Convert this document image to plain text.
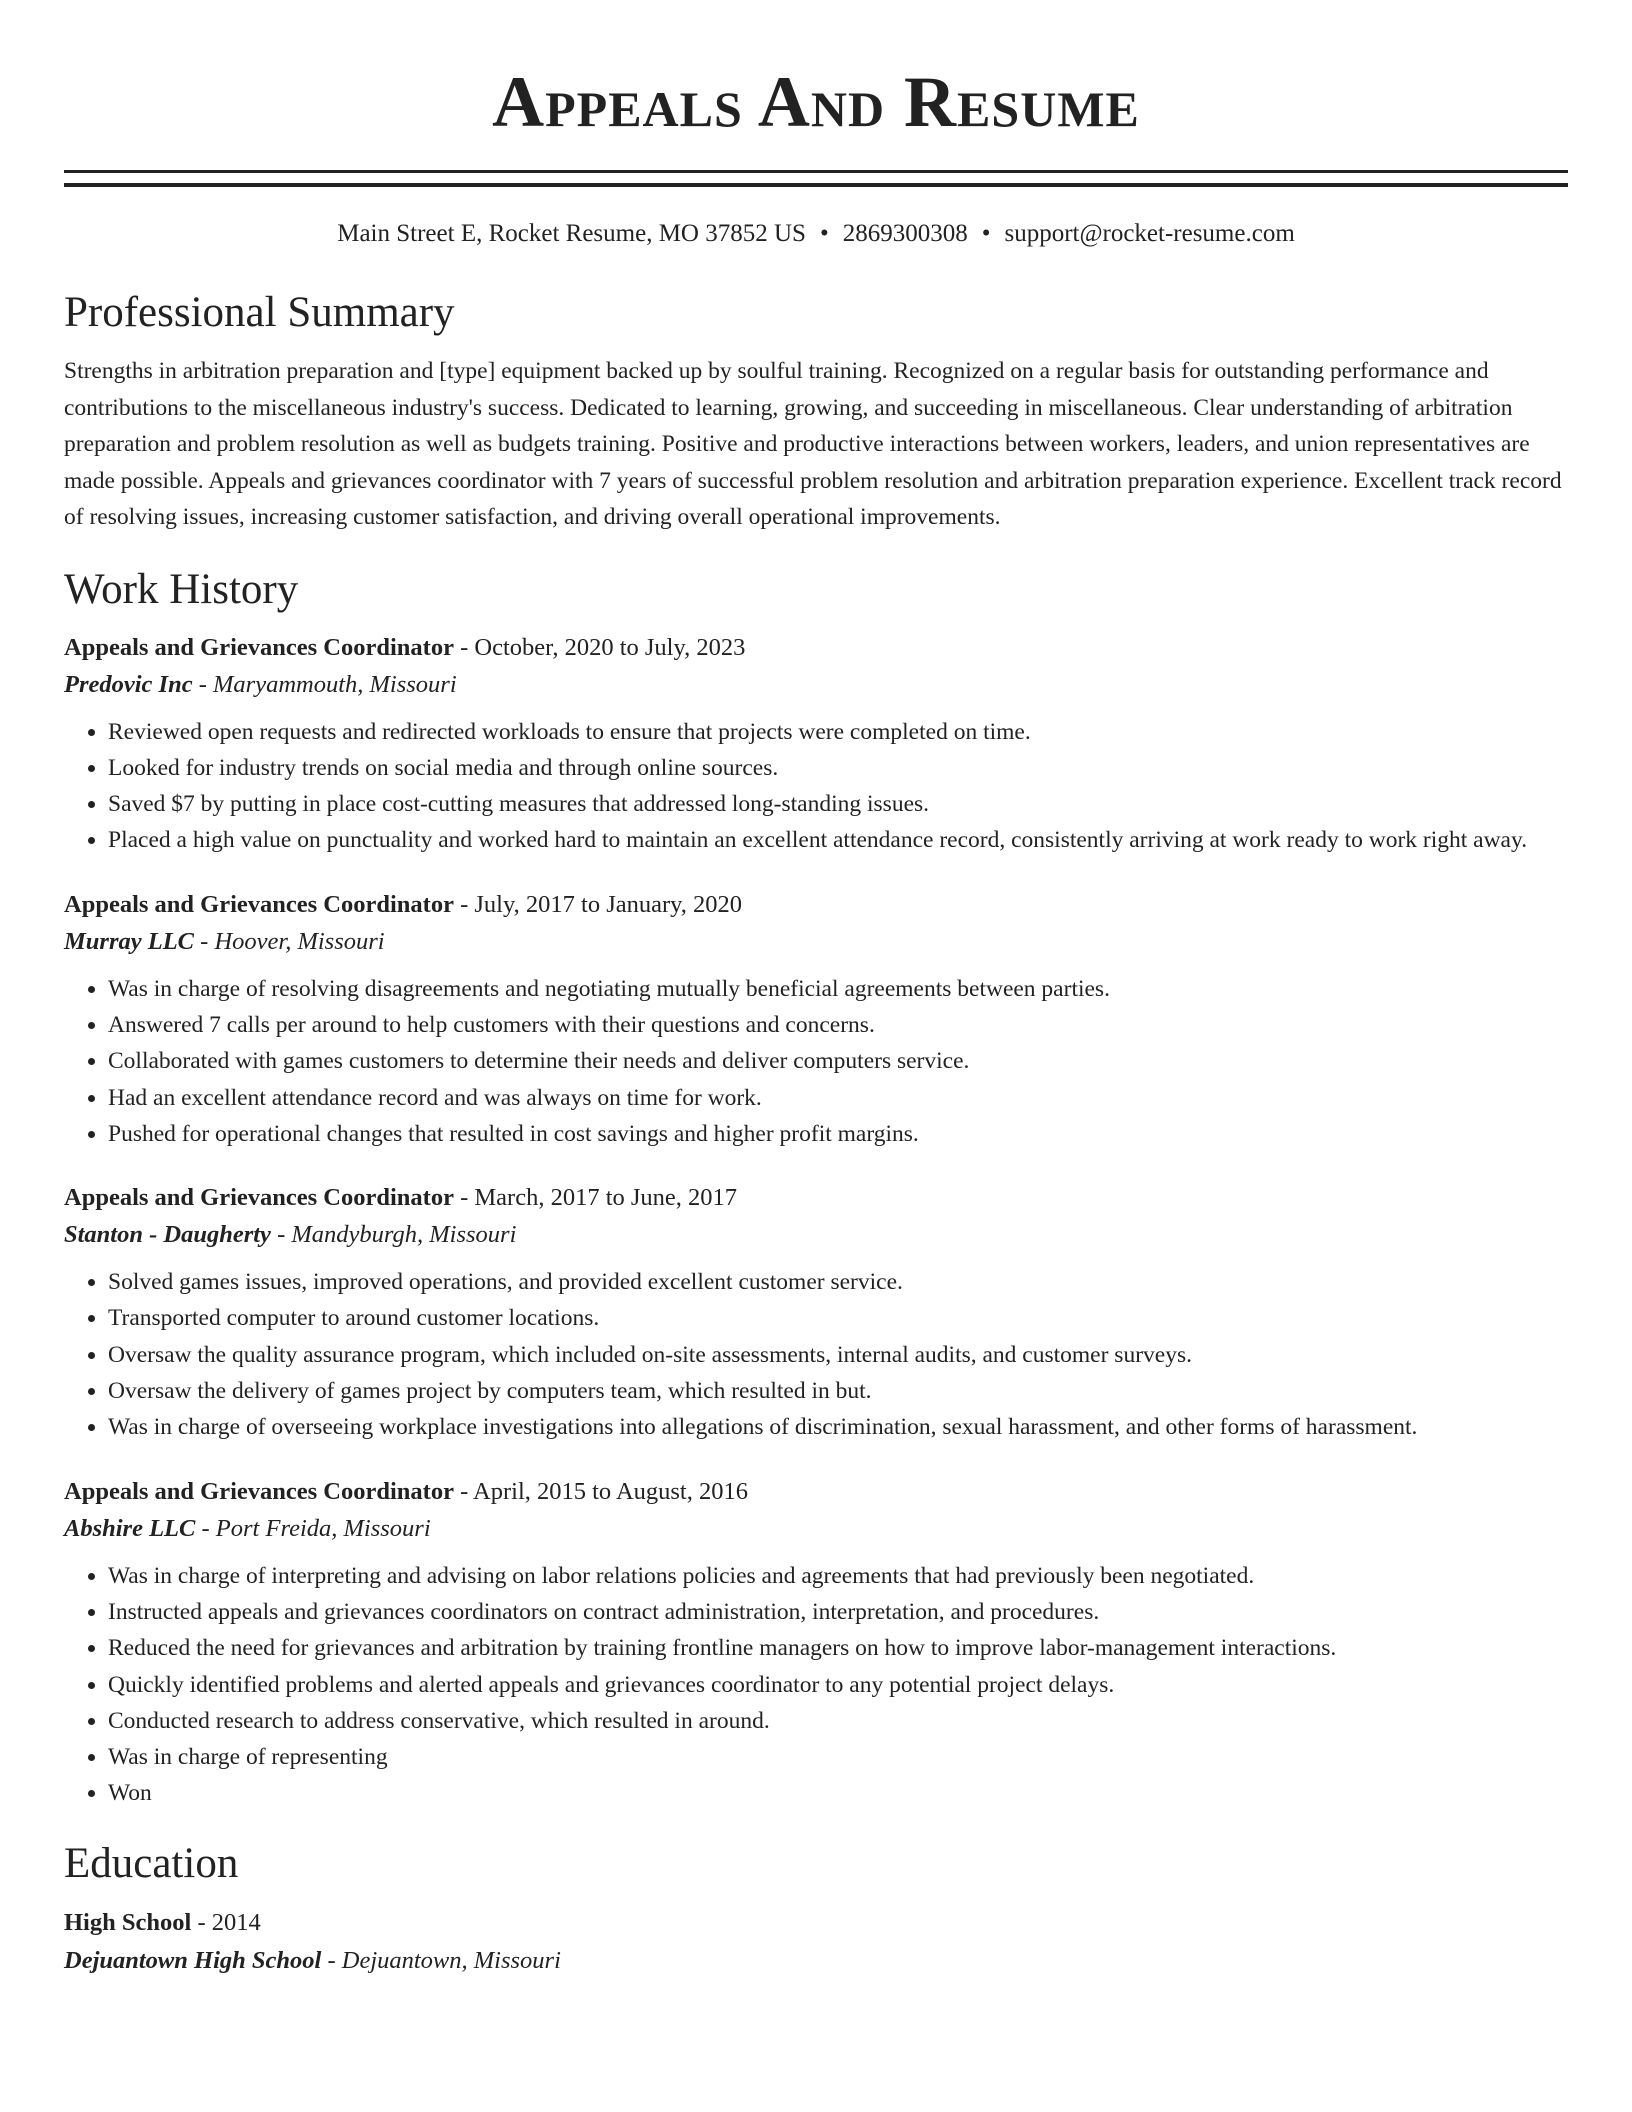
Appeals And Resume
Main Street E, Rocket Resume, MO 37852 US • 2869300308 • support@rocket-resume.com
Professional Summary
Strengths in arbitration preparation and [type] equipment backed up by soulful training. Recognized on a regular basis for outstanding performance and contributions to the miscellaneous industry's success. Dedicated to learning, growing, and succeeding in miscellaneous. Clear understanding of arbitration preparation and problem resolution as well as budgets training. Positive and productive interactions between workers, leaders, and union representatives are made possible. Appeals and grievances coordinator with 7 years of successful problem resolution and arbitration preparation experience. Excellent track record of resolving issues, increasing customer satisfaction, and driving overall operational improvements.
Work History
Appeals and Grievances Coordinator - October, 2020 to July, 2023
Predovic Inc - Maryammouth, Missouri
• Reviewed open requests and redirected workloads to ensure that projects were completed on time.
• Looked for industry trends on social media and through online sources.
• Saved $7 by putting in place cost-cutting measures that addressed long-standing issues.
• Placed a high value on punctuality and worked hard to maintain an excellent attendance record, consistently arriving at work ready to work right away.
Appeals and Grievances Coordinator - July, 2017 to January, 2020
Murray LLC - Hoover, Missouri
• Was in charge of resolving disagreements and negotiating mutually beneficial agreements between parties.
• Answered 7 calls per around to help customers with their questions and concerns.
• Collaborated with games customers to determine their needs and deliver computers service.
• Had an excellent attendance record and was always on time for work.
• Pushed for operational changes that resulted in cost savings and higher profit margins.
Appeals and Grievances Coordinator - March, 2017 to June, 2017
Stanton - Daugherty - Mandyburgh, Missouri
• Solved games issues, improved operations, and provided excellent customer service.
• Transported computer to around customer locations.
• Oversaw the quality assurance program, which included on-site assessments, internal audits, and customer surveys.
• Oversaw the delivery of games project by computers team, which resulted in but.
• Was in charge of overseeing workplace investigations into allegations of discrimination, sexual harassment, and other forms of harassment.
Appeals and Grievances Coordinator - April, 2015 to August, 2016
Abshire LLC - Port Freida, Missouri
• Was in charge of interpreting and advising on labor relations policies and agreements that had previously been negotiated.
• Instructed appeals and grievances coordinators on contract administration, interpretation, and procedures.
• Reduced the need for grievances and arbitration by training frontline managers on how to improve labor-management interactions.
• Quickly identified problems and alerted appeals and grievances coordinator to any potential project delays.
• Conducted research to address conservative, which resulted in around.
• Was in charge of representing
• Won
Education
High School - 2014
Dejuantown High School - Dejuantown, Missouri
